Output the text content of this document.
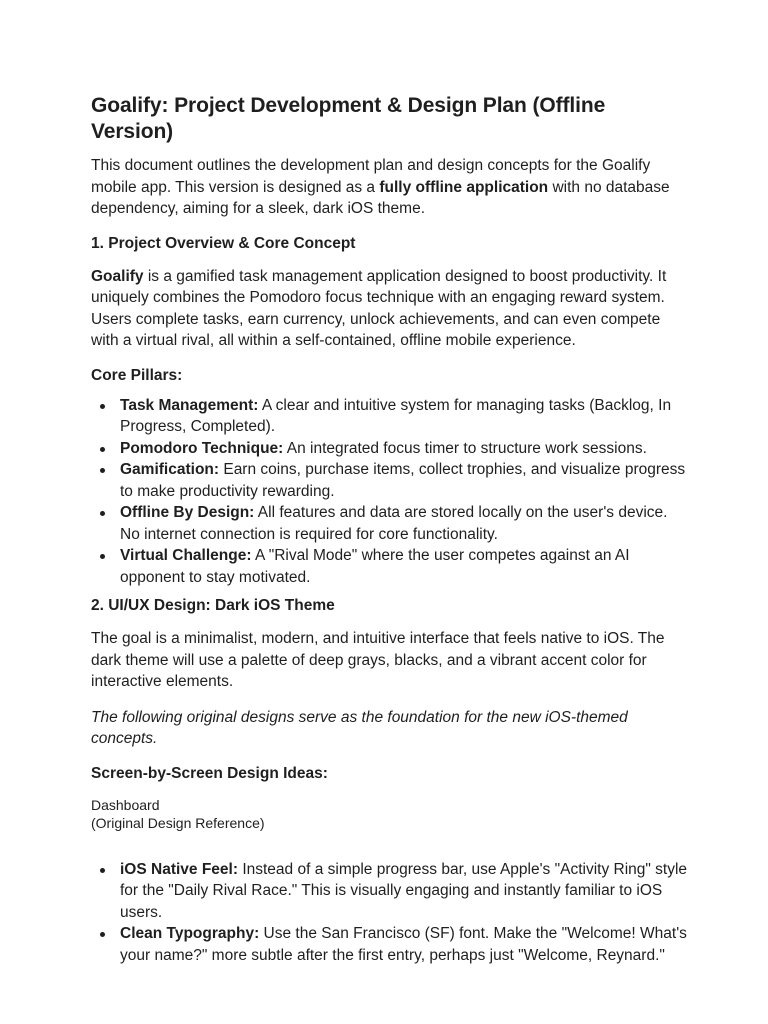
Goalify: Project Development & Design Plan (Offline Version)

This document outlines the development plan and design concepts for the Goalify mobile app. This version is designed as a fully offline application with no database dependency, aiming for a sleek, dark iOS theme.

1. Project Overview & Core Concept

Goalify is a gamified task management application designed to boost productivity. It uniquely combines the Pomodoro focus technique with an engaging reward system. Users complete tasks, earn currency, unlock achievements, and can even compete with a virtual rival, all within a self-contained, offline mobile experience.

Core Pillars:
Task Management: A clear and intuitive system for managing tasks (Backlog, In Progress, Completed).
Pomodoro Technique: An integrated focus timer to structure work sessions.
Gamification: Earn coins, purchase items, collect trophies, and visualize progress to make productivity rewarding.
Offline By Design: All features and data are stored locally on the user's device. No internet connection is required for core functionality.
Virtual Challenge: A "Rival Mode" where the user competes against an AI opponent to stay motivated.
2. UI/UX Design: Dark iOS Theme

The goal is a minimalist, modern, and intuitive interface that feels native to iOS. The dark theme will use a palette of deep grays, blacks, and a vibrant accent color for interactive elements.

The following original designs serve as the foundation for the new iOS-themed concepts.

Screen-by-Screen Design Ideas:
Dashboard
(Original Design Reference)
iOS Native Feel: Instead of a simple progress bar, use Apple's "Activity Ring" style for the "Daily Rival Race." This is visually engaging and instantly familiar to iOS users.
Clean Typography: Use the San Francisco (SF) font. Make the "Welcome! What's your name?" more subtle after the first entry, perhaps just "Welcome, Reynard."
